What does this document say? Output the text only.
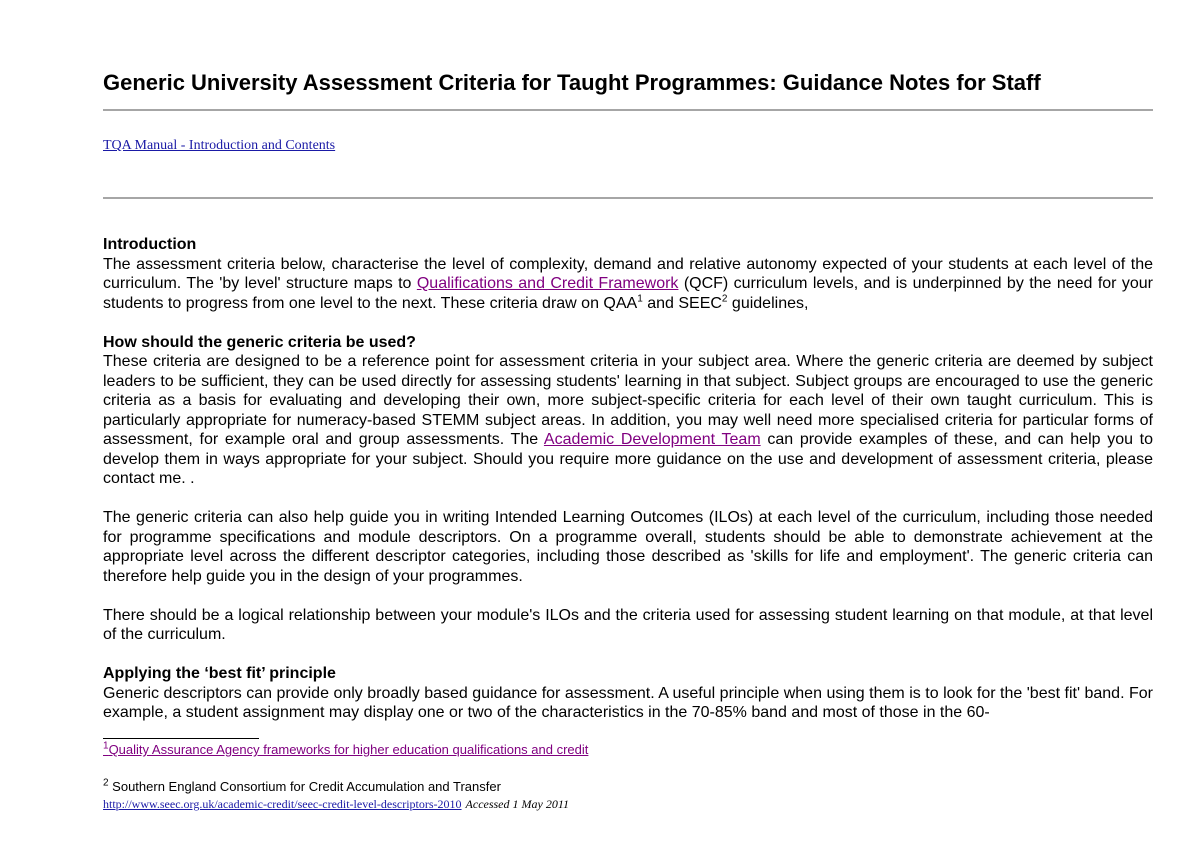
Generic University Assessment Criteria for Taught Programmes: Guidance Notes for Staff
TQA Manual - Introduction and Contents
Introduction

The assessment criteria below, characterise the level of complexity, demand and relative autonomy expected of your students at each level of the curriculum. The 'by level' structure maps to Qualifications and Credit Framework (QCF) curriculum levels, and is underpinned by the need for your students to progress from one level to the next. These criteria draw on QAA$^1$ and SEEC$^2$ guidelines,

How should the generic criteria be used?

These criteria are designed to be a reference point for assessment criteria in your subject area. Where the generic criteria are deemed by subject leaders to be sufficient, they can be used directly for assessing students' learning in that subject. Subject groups are encouraged to use the generic criteria as a basis for evaluating and developing their own, more subject-specific criteria for each level of their own taught curriculum. This is particularly appropriate for numeracy-based STEMM subject areas. In addition, you may well need more specialised criteria for particular forms of assessment, for example oral and group assessments. The Academic Development Team can provide examples of these, and can help you to develop them in ways appropriate for your subject. Should you require more guidance on the use and development of assessment criteria, please contact me. .

The generic criteria can also help guide you in writing Intended Learning Outcomes (ILOs) at each level of the curriculum, including those needed for programme specifications and module descriptors. On a programme overall, students should be able to demonstrate achievement at the appropriate level across the different descriptor categories, including those described as 'skills for life and employment'. The generic criteria can therefore help guide you in the design of your programmes.

There should be a logical relationship between your module's ILOs and the criteria used for assessing student learning on that module, at that level of the curriculum.

Applying the ‘best fit’ principle

Generic descriptors can provide only broadly based guidance for assessment. A useful principle when using them is to look for the 'best fit' band. For example, a student assignment may display one or two of the characteristics in the 70-85% band and most of those in the 60-

$^1$Quality Assurance Agency frameworks for higher education qualifications and credit
$^2$ Southern England Consortium for Credit Accumulation and Transfer
http://www.seec.org.uk/academic-credit/seec-credit-level-descriptors-2010 Accessed 1 May 2011
